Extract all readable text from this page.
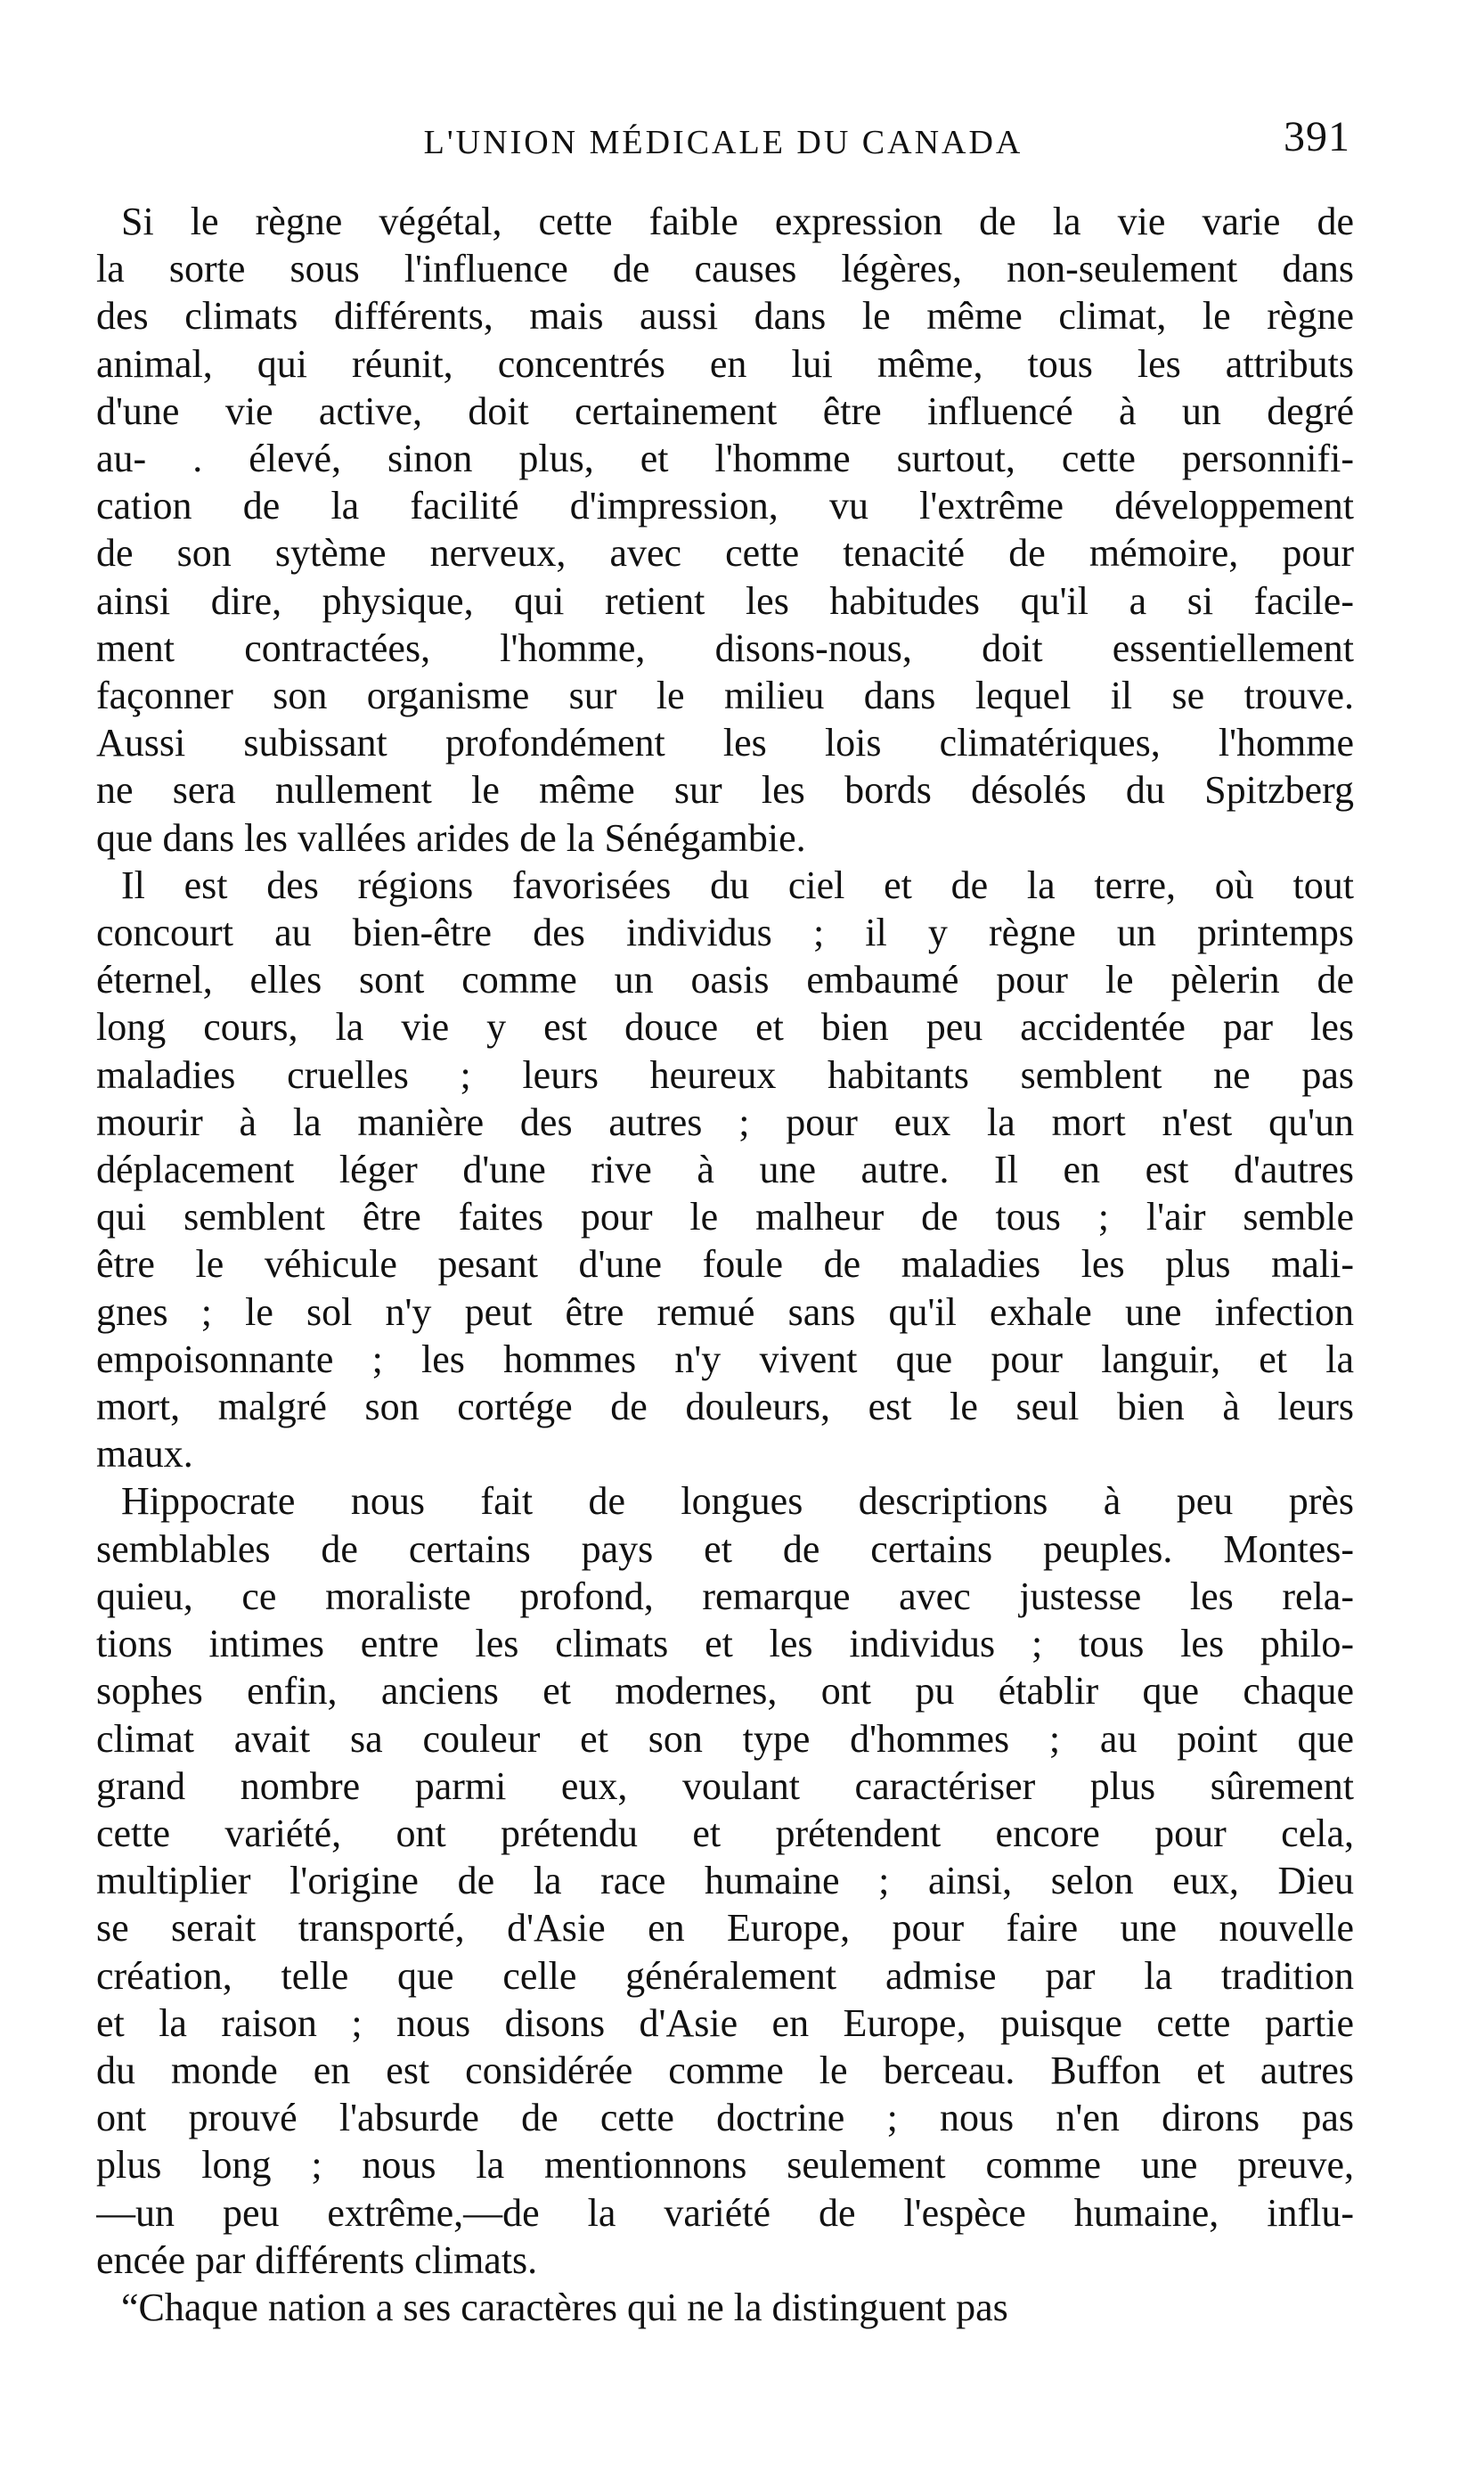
L'UNION MÉDICALE DU CANADA	391

Si le règne végétal, cette faible expression de la vie varie de
la sorte sous l'influence de causes légères, non-seulement dans
des climats différents, mais aussi dans le même climat, le règne
animal, qui réunit, concentrés en lui même, tous les attributs
d'une vie active, doit certainement être influencé à un degré
au- . élevé, sinon plus, et l'homme surtout, cette personnifi-
cation de la facilité d'impression, vu l'extrême développement
de son sytème nerveux, avec cette tenacité de mémoire, pour
ainsi dire, physique, qui retient les habitudes qu'il a si facile-
ment contractées, l'homme, disons-nous, doit essentiellement
façonner son organisme sur le milieu dans lequel il se trouve.
Aussi subissant profondément les lois climatériques, l'homme
ne sera nullement le même sur les bords désolés du Spitzberg
que dans les vallées arides de la Sénégambie.

Il est des régions favorisées du ciel et de la terre, où tout
concourt au bien-être des individus ; il y règne un printemps
éternel, elles sont comme un oasis embaumé pour le pèlerin de
long cours, la vie y est douce et bien peu accidentée par les
maladies cruelles ; leurs heureux habitants semblent ne pas
mourir à la manière des autres ; pour eux la mort n'est qu'un
déplacement léger d'une rive à une autre. Il en est d'autres
qui semblent être faites pour le malheur de tous ; l'air semble
être le véhicule pesant d'une foule de maladies les plus mali-
gnes ; le sol n'y peut être remué sans qu'il exhale une infection
empoisonnante ; les hommes n'y vivent que pour languir, et la
mort, malgré son cortége de douleurs, est le seul bien à leurs
maux.

Hippocrate nous fait de longues descriptions à peu près
semblables de certains pays et de certains peuples. Montes-
quieu, ce moraliste profond, remarque avec justesse les rela-
tions intimes entre les climats et les individus ; tous les philo-
sophes enfin, anciens et modernes, ont pu établir que chaque
climat avait sa couleur et son type d'hommes ; au point que
grand nombre parmi eux, voulant caractériser plus sûrement
cette variété, ont prétendu et prétendent encore pour cela,
multiplier l'origine de la race humaine ; ainsi, selon eux, Dieu
se serait transporté, d'Asie en Europe, pour faire une nouvelle
création, telle que celle généralement admise par la tradition
et la raison ; nous disons d'Asie en Europe, puisque cette partie
du monde en est considérée comme le berceau. Buffon et autres
ont prouvé l'absurde de cette doctrine ; nous n'en dirons pas
plus long ; nous la mentionnons seulement comme une preuve,
—un peu extrême,—de la variété de l'espèce humaine, influ-
encée par différents climats.

“Chaque nation a ses caractères qui ne la distinguent pas
